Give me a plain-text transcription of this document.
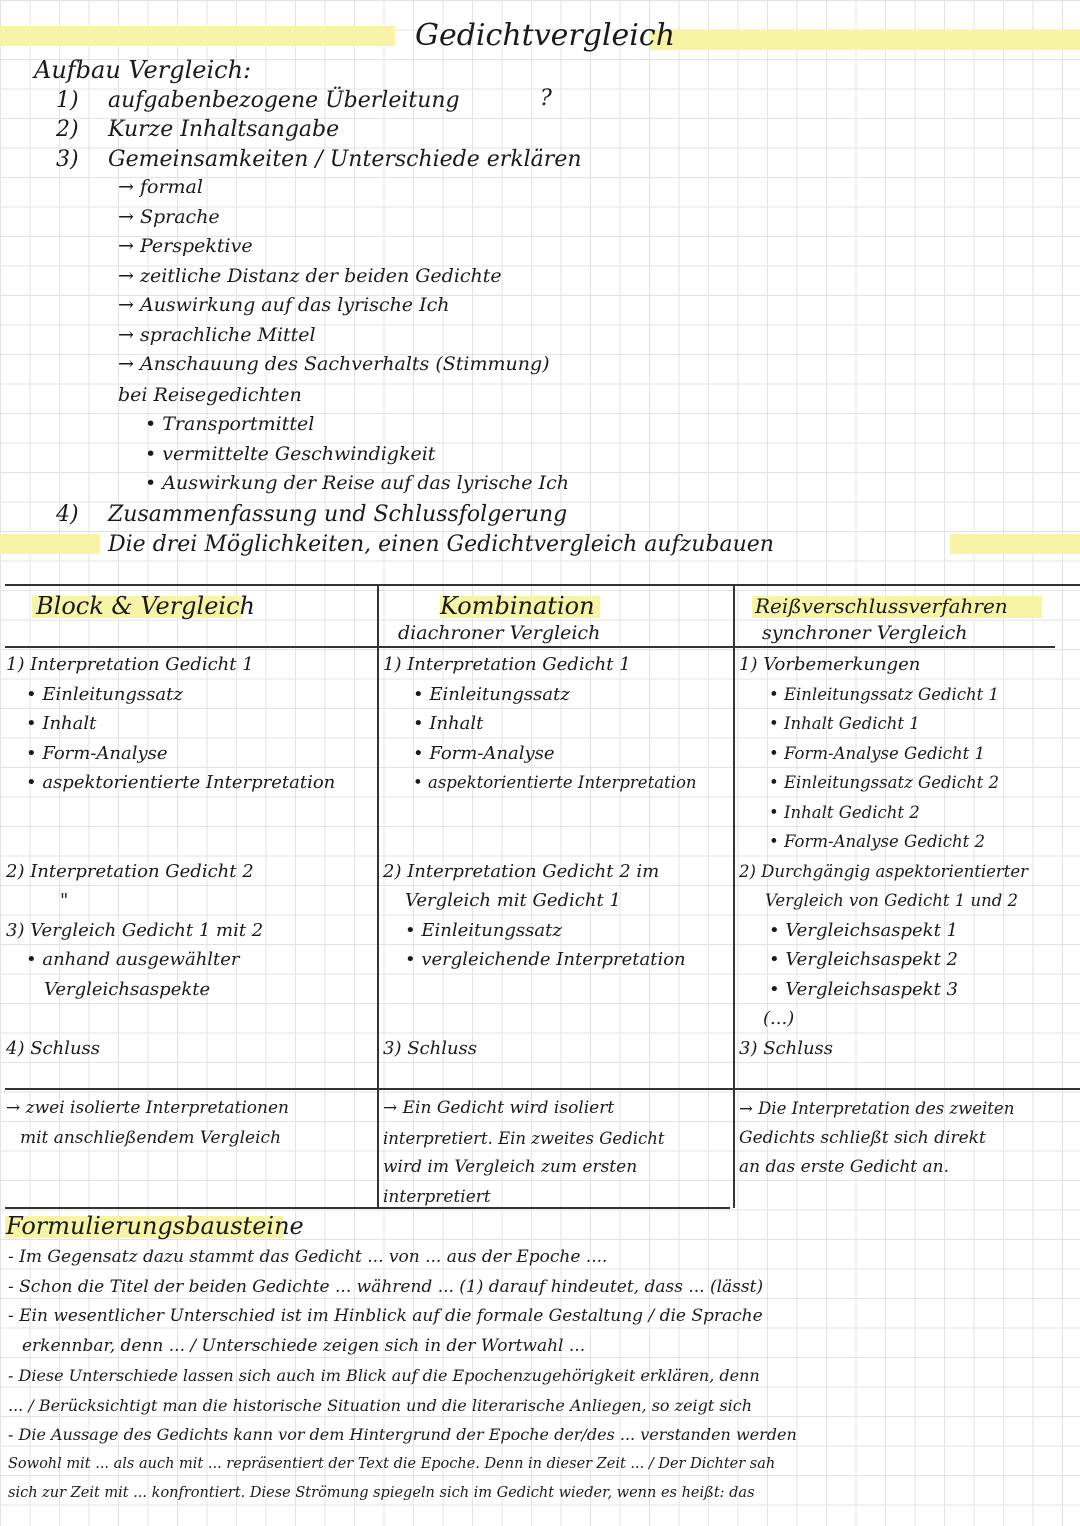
Gedichtvergleich
Aufbau Vergleich:
1) aufgabenbezogene Überleitung	?
2) Kurze Inhaltsangabe
3) Gemeinsamkeiten / Unterschiede erklären
→ formal
→ Sprache
→ Perspektive
→ zeitliche Distanz der beiden Gedichte
→ Auswirkung auf das lyrische Ich
→ sprachliche Mittel
→ Anschauung des Sachverhalts (Stimmung)
bei Reisegedichten
• Transportmittel
• vermittelte Geschwindigkeit
• Auswirkung der Reise auf das lyrische Ich
4) Zusammenfassung und Schlussfolgerung
Die drei Möglichkeiten, einen Gedichtvergleich aufzubauen
Block & Vergleich	Kombination
diachroner Vergleich
Reißverschlussverfahren
synchroner Vergleich
1) Interpretation Gedicht 1
• Einleitungssatz
• Inhalt
• Form-Analyse
• aspektorientierte Interpretation
2) Interpretation Gedicht 2
"
3) Vergleich Gedicht 1 mit 2
• anhand ausgewählter
Vergleichsaspekte
4) Schluss
1) Interpretation Gedicht 1
• Einleitungssatz
• Inhalt
• Form-Analyse
• aspektorientierte Interpretation
2) Interpretation Gedicht 2 im
Vergleich mit Gedicht 1
• Einleitungssatz
• vergleichende Interpretation
3) Schluss
1) Vorbemerkungen
• Einleitungssatz Gedicht 1
• Inhalt Gedicht 1
• Form-Analyse Gedicht 1
• Einleitungssatz Gedicht 2
• Inhalt Gedicht 2
• Form-Analyse Gedicht 2
2) Durchgängig aspektorientierter
Vergleich von Gedicht 1 und 2
• Vergleichsaspekt 1
• Vergleichsaspekt 2
• Vergleichsaspekt 3
(...)
3) Schluss
→ zwei isolierte Interpretationen
mit anschließendem Vergleich
→ Ein Gedicht wird isoliert
interpretiert. Ein zweites Gedicht
wird im Vergleich zum ersten
interpretiert
→ Die Interpretation des zweiten
Gedichts schließt sich direkt
an das erste Gedicht an.
Formulierungsbausteine
- Im Gegensatz dazu stammt das Gedicht ... von ... aus der Epoche ....
- Schon die Titel der beiden Gedichte ... während ... (1) darauf hindeutet, dass ... (lässt)
- Ein wesentlicher Unterschied ist im Hinblick auf die formale Gestaltung / die Sprache
erkennbar, denn ... / Unterschiede zeigen sich in der Wortwahl ...
- Diese Unterschiede lassen sich auch im Blick auf die Epochenzugehörigkeit erklären, denn
... / Berücksichtigt man die historische Situation und die literarische Anliegen, so zeigt sich
- Die Aussage des Gedichts kann vor dem Hintergrund der Epoche der/des ... verstanden werden
Sowohl mit ... als auch mit ... repräsentiert der Text die Epoche. Denn in dieser Zeit ... / Der Dichter sah
sich zur Zeit mit ... konfrontiert. Diese Strömung spiegeln sich im Gedicht wieder, wenn es heißt: das
